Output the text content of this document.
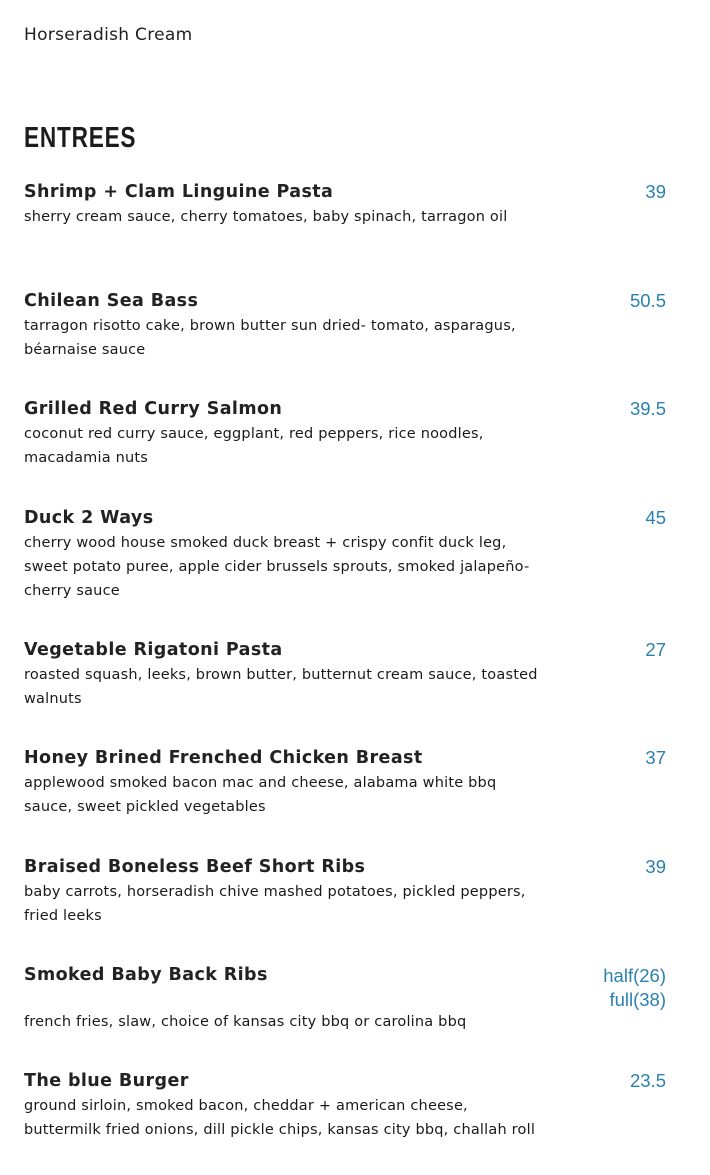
Horseradish Cream
ENTREES
Shrimp + Clam Linguine Pasta
sherry cream sauce, cherry tomatoes, baby spinach, tarragon oil
39
Chilean Sea Bass
tarragon risotto cake, brown butter sun dried- tomato, asparagus, béarnaise sauce
50.5
Grilled Red Curry Salmon
coconut red curry sauce, eggplant, red peppers, rice noodles, macadamia nuts
39.5
Duck 2 Ways
cherry wood house smoked duck breast + crispy confit duck leg, sweet potato puree, apple cider brussels sprouts, smoked jalapeño- cherry sauce
45
Vegetable Rigatoni Pasta
roasted squash, leeks, brown butter, butternut cream sauce, toasted walnuts
27
Honey Brined Frenched Chicken Breast
applewood smoked bacon mac and cheese, alabama white bbq sauce, sweet pickled vegetables
37
Braised Boneless Beef Short Ribs
baby carrots, horseradish chive mashed potatoes, pickled peppers, fried leeks
39
Smoked Baby Back Ribs
french fries, slaw, choice of kansas city bbq or carolina bbq
half(26)
full(38)
The blue Burger
ground sirloin, smoked bacon, cheddar + american cheese, buttermilk fried onions, dill pickle chips, kansas city bbq, challah roll
23.5
